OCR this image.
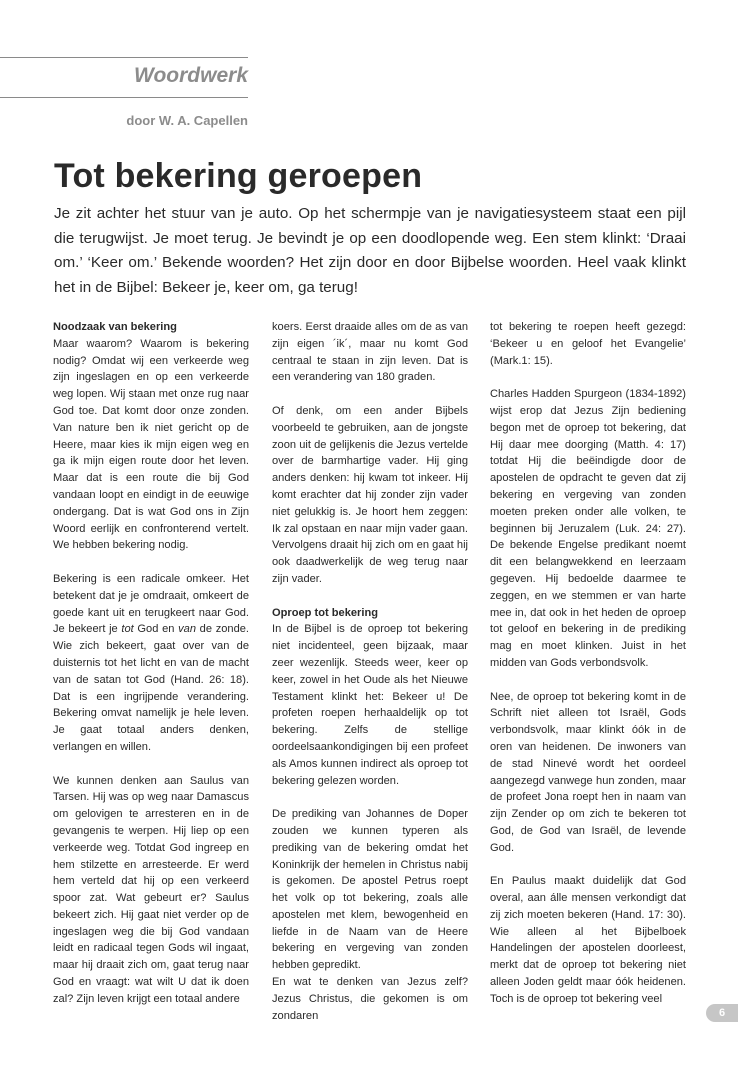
Woordwerk
door W. A. Capellen
Tot bekering geroepen

Je zit achter het stuur van je auto. Op het schermpje van je navigatiesysteem staat een pijl die terugwijst. Je moet terug. Je bevindt je op een doodlopende weg. Een stem klinkt: ‘Draai om.’ ‘Keer om.’ Bekende woorden? Het zijn door en door Bijbelse woorden. Heel vaak klinkt het in de Bijbel: Bekeer je, keer om, ga terug!

Noodzaak van bekering
Maar waarom? Waarom is bekering nodig? Omdat wij een verkeerde weg zijn ingeslagen en op een verkeerde weg lopen. Wij staan met onze rug naar God toe. Dat komt door onze zonden. Van nature ben ik niet gericht op de Heere, maar kies ik mijn eigen weg en ga ik mijn eigen route door het leven. Maar dat is een route die bij God vandaan loopt en eindigt in de eeuwige ondergang. Dat is wat God ons in Zijn Woord eerlijk en confronterend vertelt. We hebben bekering nodig.

Bekering is een radicale omkeer. Het betekent dat je je omdraait, omkeert de goede kant uit en terugkeert naar God. Je bekeert je tot God en van de zonde. Wie zich bekeert, gaat over van de duisternis tot het licht en van de macht van de satan tot God (Hand. 26: 18). Dat is een ingrijpende verandering. Bekering omvat namelijk je hele leven. Je gaat totaal anders denken, verlangen en willen.

We kunnen denken aan Saulus van Tarsen. Hij was op weg naar Damascus om gelovigen te arresteren en in de gevangenis te werpen. Hij liep op een verkeerde weg. Totdat God ingreep en hem stilzette en arresteerde. Er werd hem verteld dat hij op een verkeerd spoor zat. Wat gebeurt er? Saulus bekeert zich. Hij gaat niet verder op de ingeslagen weg die bij God vandaan leidt en radicaal tegen Gods wil ingaat, maar hij draait zich om, gaat terug naar God en vraagt: wat wilt U dat ik doen zal? Zijn leven krijgt een totaal andere

koers. Eerst draaide alles om de as van zijn eigen ´ik´, maar nu komt God centraal te staan in zijn leven. Dat is een verandering van 180 graden.

Of denk, om een ander Bijbels voorbeeld te gebruiken, aan de jongste zoon uit de gelijkenis die Jezus vertelde over de barmhartige vader. Hij ging anders denken: hij kwam tot inkeer. Hij komt erachter dat hij zonder zijn vader niet gelukkig is. Je hoort hem zeggen: Ik zal opstaan en naar mijn vader gaan. Vervolgens draait hij zich om en gaat hij ook daadwerkelijk de weg terug naar zijn vader.

Oproep tot bekering
In de Bijbel is de oproep tot bekering niet incidenteel, geen bijzaak, maar zeer wezenlijk. Steeds weer, keer op keer, zowel in het Oude als het Nieuwe Testament klinkt het: Bekeer u! De profeten roepen herhaaldelijk op tot bekering. Zelfs de stellige oordeelsaankondigingen bij een profeet als Amos kunnen indirect als oproep tot bekering gelezen worden.

De prediking van Johannes de Doper zouden we kunnen typeren als prediking van de bekering omdat het Koninkrijk der hemelen in Christus nabij is gekomen. De apostel Petrus roept het volk op tot bekering, zoals alle apostelen met klem, bewogenheid en liefde in de Naam van de Heere bekering en vergeving van zonden hebben gepredikt.

En wat te denken van Jezus zelf? Jezus Christus, die gekomen is om zondaren

tot bekering te roepen heeft gezegd: ‘Bekeer u en geloof het Evangelie’ (Mark.1: 15).

Charles Hadden Spurgeon (1834-1892) wijst erop dat Jezus Zijn bediening begon met de oproep tot bekering, dat Hij daar mee doorging (Matth. 4: 17) totdat Hij die beëindigde door de apostelen de opdracht te geven dat zij bekering en vergeving van zonden moeten preken onder alle volken, te beginnen bij Jeruzalem (Luk. 24: 27). De bekende Engelse predikant noemt dit een belangwekkend en leerzaam gegeven. Hij bedoelde daarmee te zeggen, en we stemmen er van harte mee in, dat ook in het heden de oproep tot geloof en bekering in de prediking mag en moet klinken. Juist in het midden van Gods verbondsvolk.

Nee, de oproep tot bekering komt in de Schrift niet alleen tot Israël, Gods verbondsvolk, maar klinkt óók in de oren van heidenen. De inwoners van de stad Ninevé wordt het oordeel aangezegd vanwege hun zonden, maar de profeet Jona roept hen in naam van zijn Zender op om zich te bekeren tot God, de God van Israël, de levende God.

En Paulus maakt duidelijk dat God overal, aan álle mensen verkondigt dat zij zich moeten bekeren (Hand. 17: 30). Wie alleen al het Bijbelboek Handelingen der apostelen doorleest, merkt dat de oproep tot bekering niet alleen Joden geldt maar óók heidenen. Toch is de oproep tot bekering veel

6
